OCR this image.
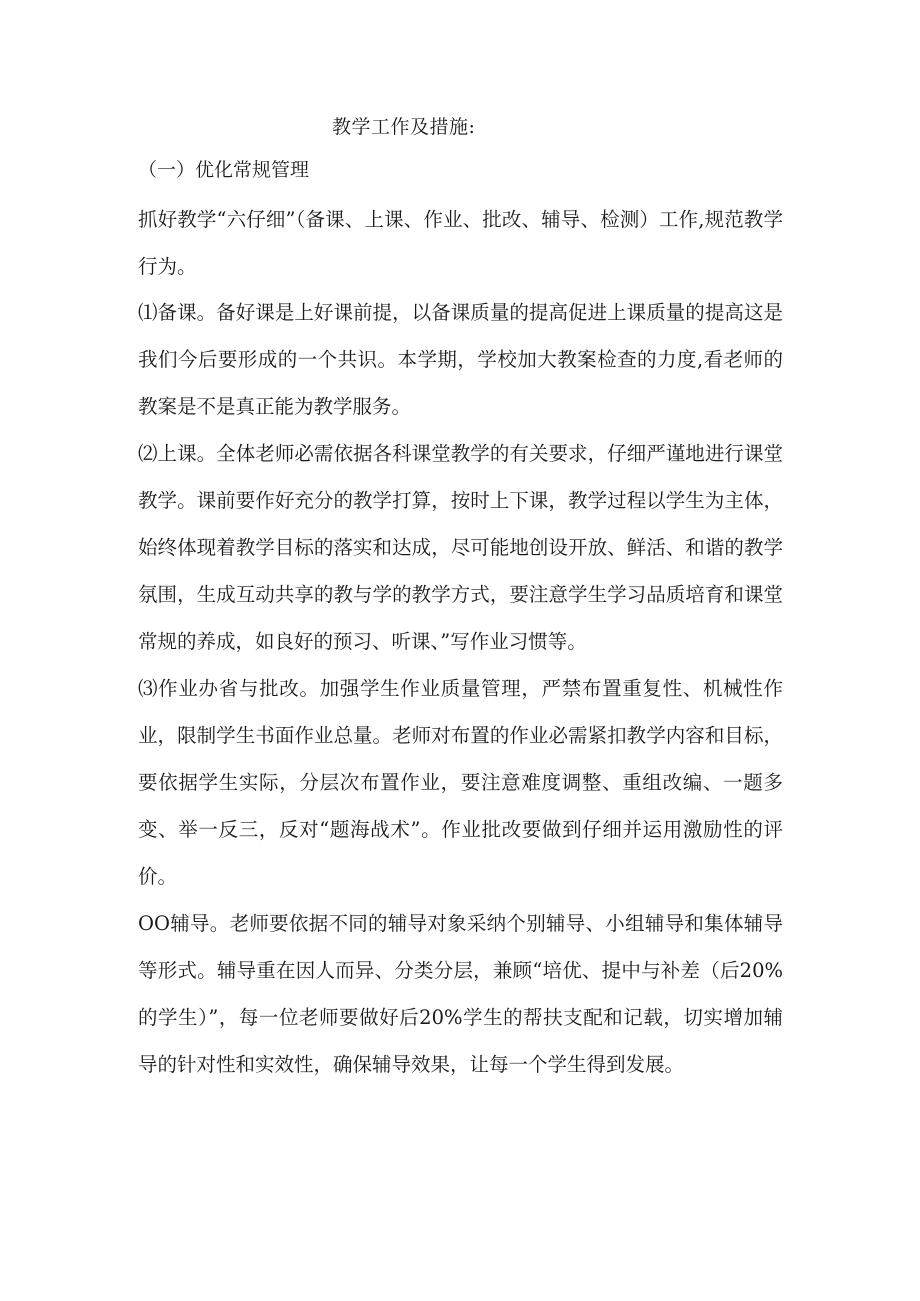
教学工作及措施:
（一）优化常规管理

抓好教学“六仔细”（备课、上课、作业、批改、辅导、检测）工作,规范教学行为。

⑴备课。备好课是上好课前提，以备课质量的提高促进上课质量的提高这是我们今后要形成的一个共识。本学期，学校加大教案检查的力度,看老师的教案是不是真正能为教学服务。

⑵上课。全体老师必需依据各科课堂教学的有关要求，仔细严谨地进行课堂教学。课前要作好充分的教学打算，按时上下课，教学过程以学生为主体，始终体现着教学目标的落实和达成，尽可能地创设开放、鲜活、和谐的教学氛围，生成互动共享的教与学的教学方式，要注意学生学习品质培育和课堂常规的养成，如良好的预习、听课、”写作业习惯等。

⑶作业办省与批改。加强学生作业质量管理，严禁布置重复性、机械性作业，限制学生书面作业总量。老师对布置的作业必需紧扣教学内容和目标，要依据学生实际，分层次布置作业，要注意难度调整、重组改编、一题多变、举一反三，反对“题海战术”。作业批改要做到仔细并运用激励性的评价。

OO辅导。老师要依据不同的辅导对象采纳个别辅导、小组辅导和集体辅导等形式。辅导重在因人而异、分类分层，兼顾“培优、提中与补差（后20%的学生）”，每一位老师要做好后20%学生的帮扶支配和记载，切实增加辅导的针对性和实效性，确保辅导效果，让每一个学生得到发展。
